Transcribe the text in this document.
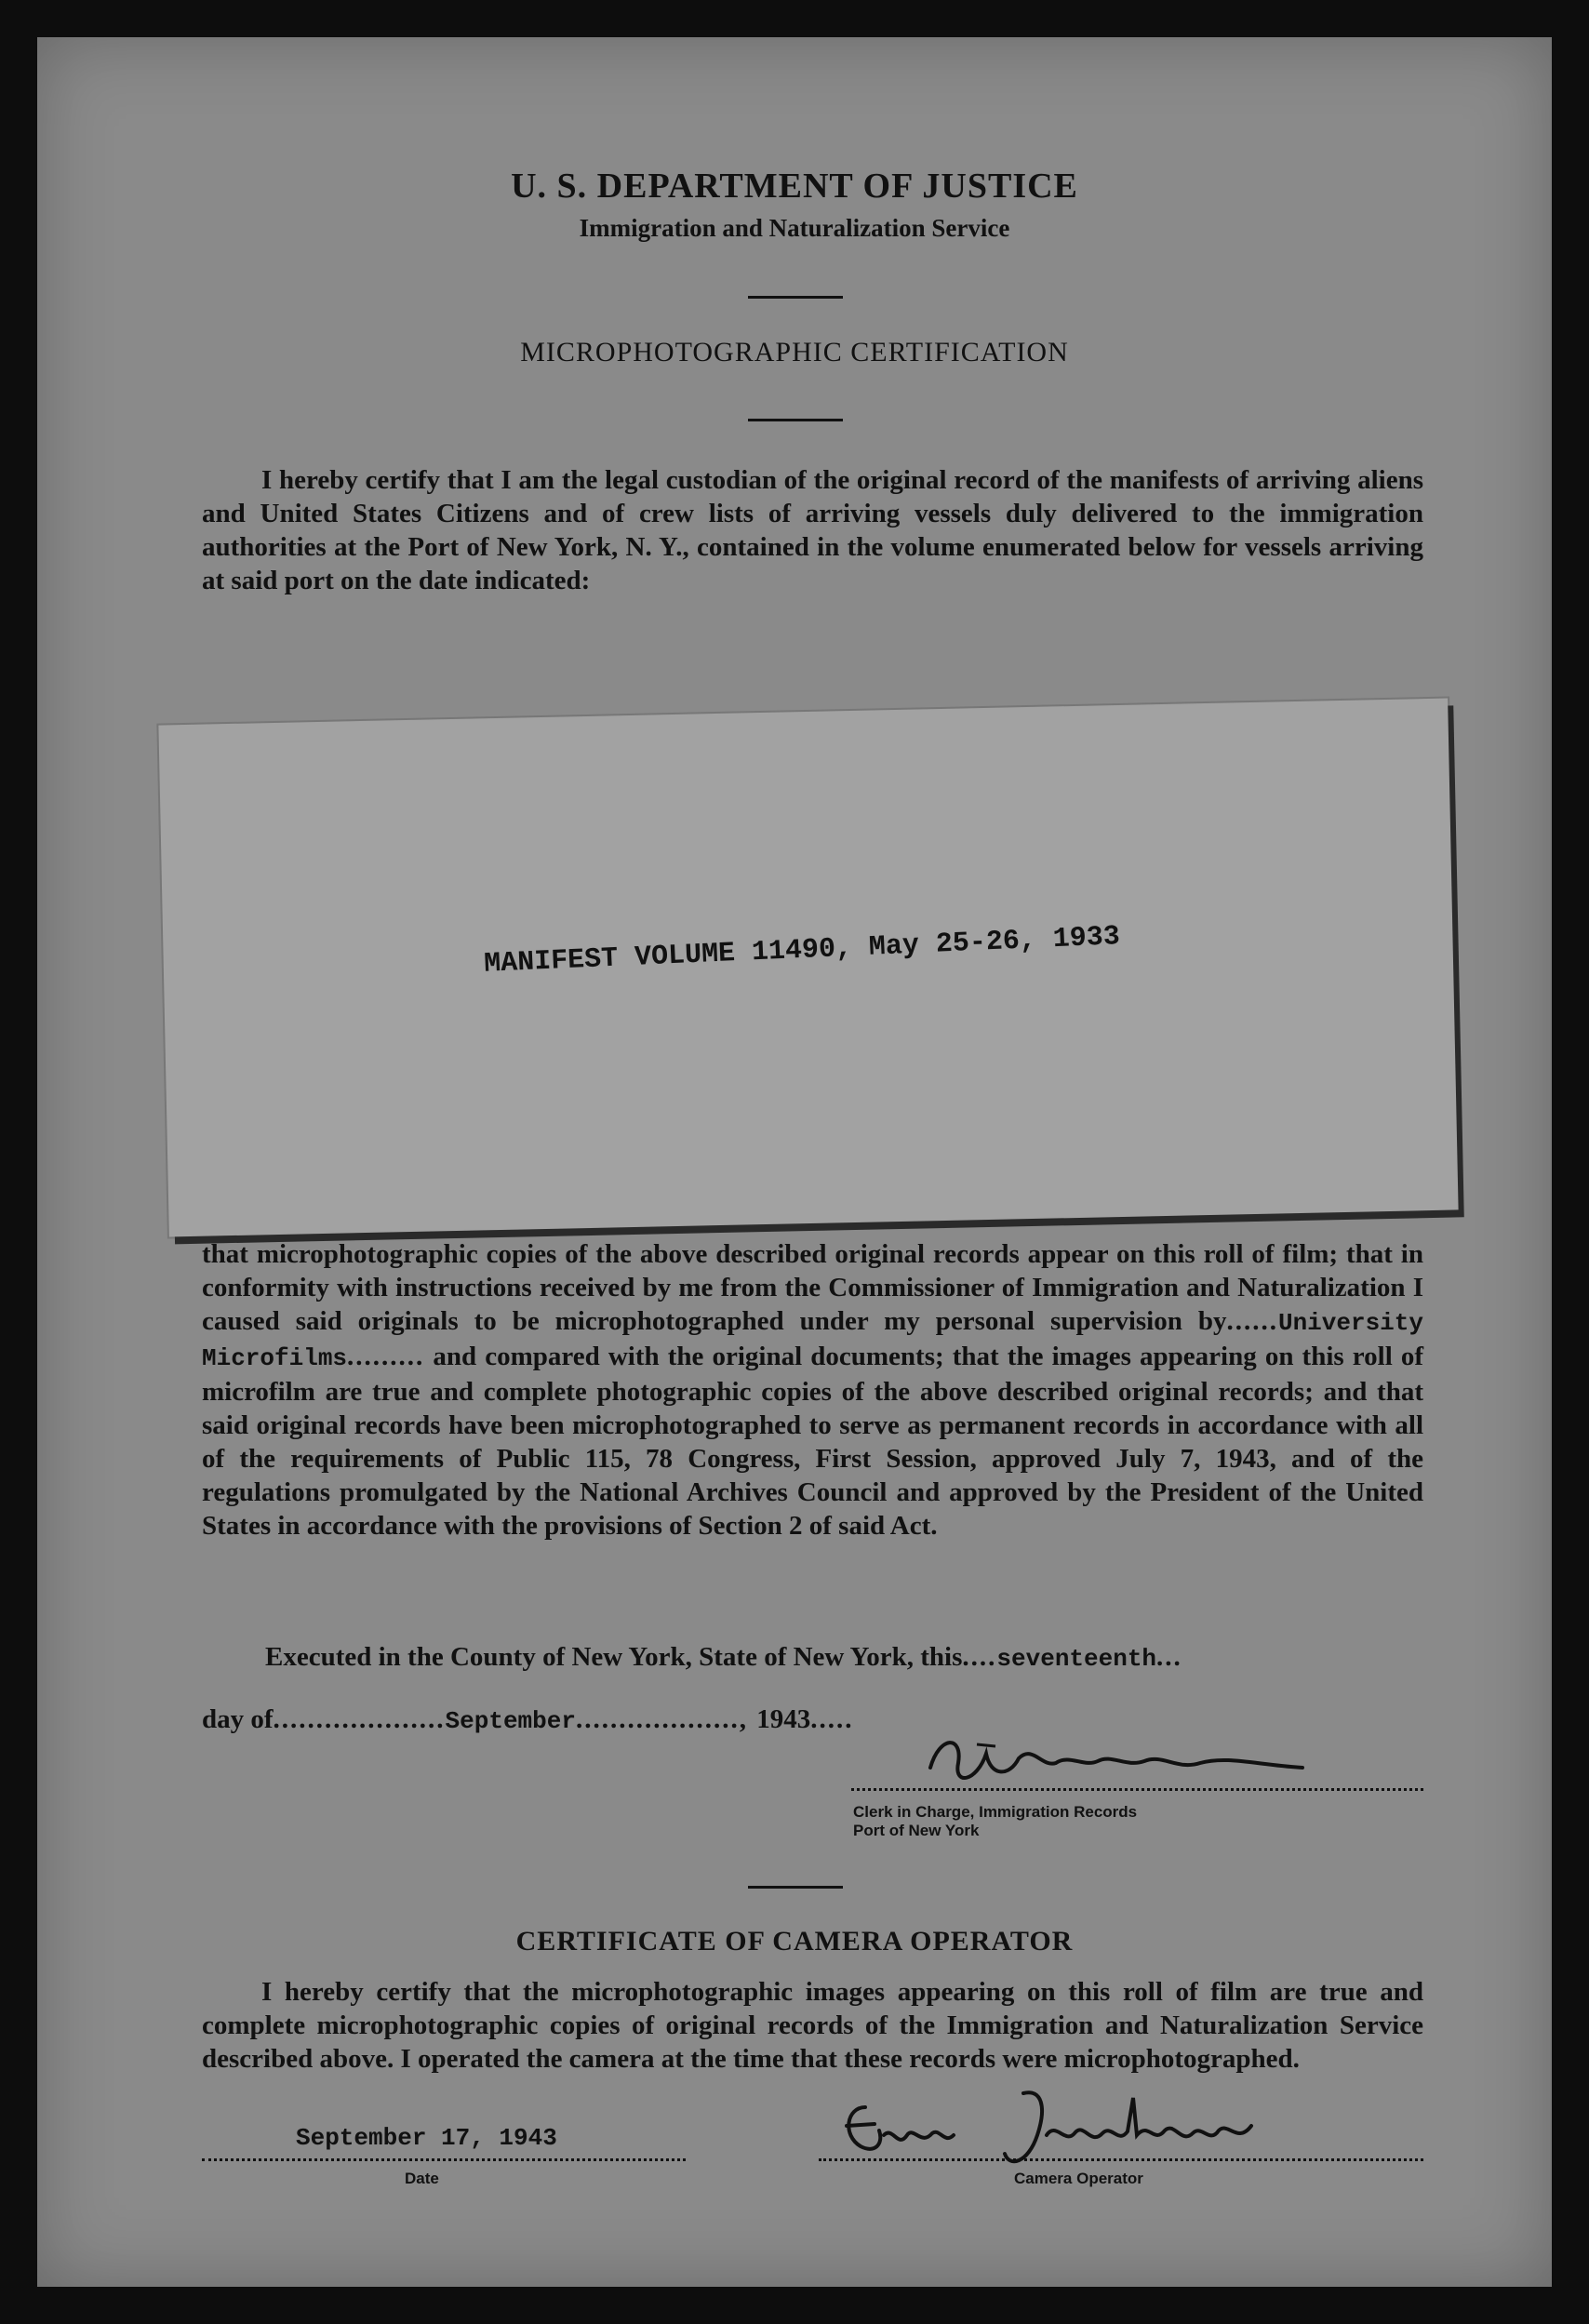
U. S. DEPARTMENT OF JUSTICE
Immigration and Naturalization Service
MICROPHOTOGRAPHIC CERTIFICATION
I hereby certify that I am the legal custodian of the original record of the manifests of arriving aliens and United States Citizens and of crew lists of arriving vessels duly delivered to the immigration authorities at the Port of New York, N. Y., contained in the volume enumerated below for vessels arriving at said port on the date indicated:
MANIFEST VOLUME 11490, May 25-26, 1933

that microphotographic copies of the above described original records appear on this roll of film; that in conformity with instructions received by me from the Commissioner of Immigration and Naturalization I caused said originals to be microphotographed under my personal supervision by......University Microfilms......... and compared with the original documents; that the images appearing on this roll of microfilm are true and complete photographic copies of the above described original records; and that said original records have been microphotographed to serve as permanent records in accordance with all of the requirements of Public 115, 78 Congress, First Session, approved July 7, 1943, and of the regulations promulgated by the National Archives Council and approved by the President of the United States in accordance with the provisions of Section 2 of said Act.

Executed in the County of New York, State of New York, this....seventeenth...
day of....................September..................., 1943.....
Clerk in Charge, Immigration Records
Port of New York
CERTIFICATE OF CAMERA OPERATOR
I hereby certify that the microphotographic images appearing on this roll of film are true and complete microphotographic copies of original records of the Immigration and Naturalization Service described above. I operated the camera at the time that these records were microphotographed.
September 17, 1943
Date	Camera Operator
